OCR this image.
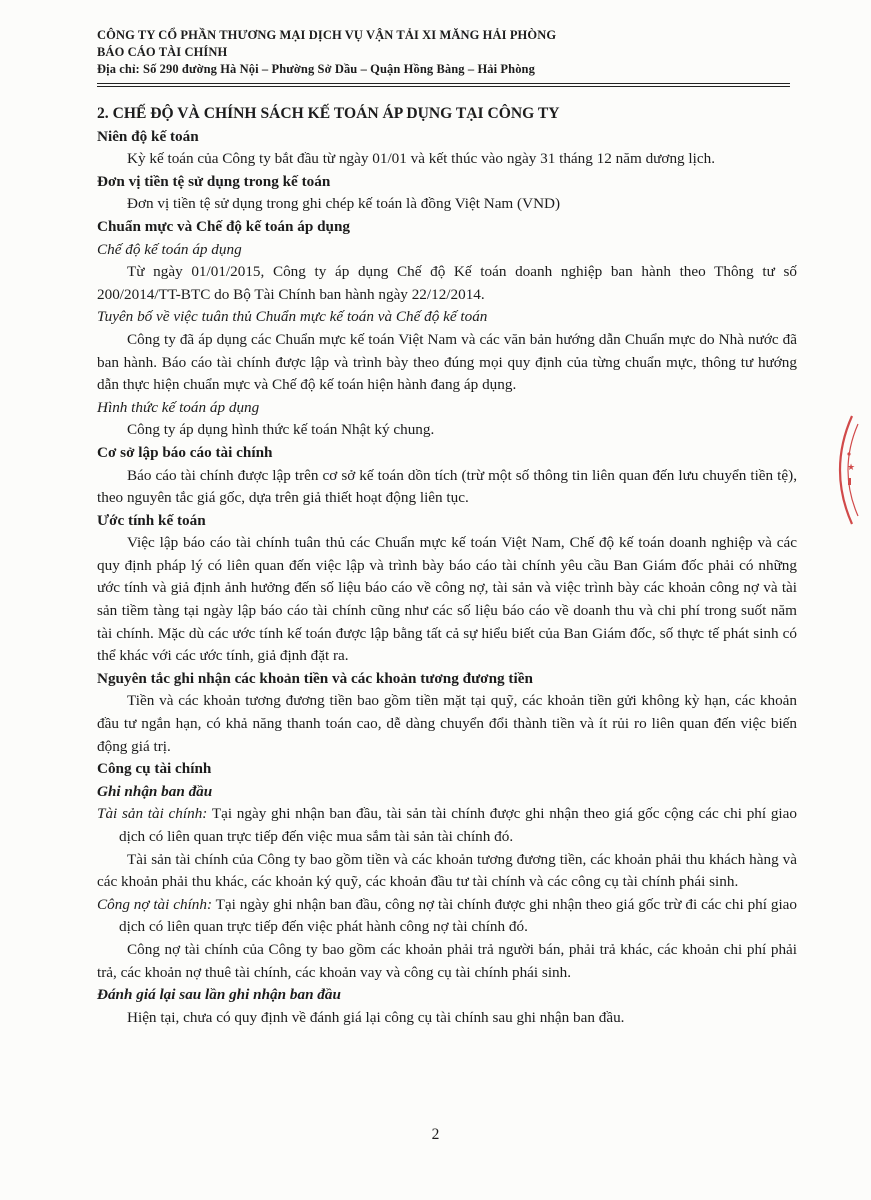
CÔNG TY CỔ PHẦN THƯƠNG MẠI DỊCH VỤ VẬN TẢI XI MĂNG HẢI PHÒNG
BÁO CÁO TÀI CHÍNH
Địa chỉ: Số 290 đường Hà Nội – Phường Sở Dầu – Quận Hồng Bàng – Hải Phòng

2. CHẾ ĐỘ VÀ CHÍNH SÁCH KẾ TOÁN ÁP DỤNG TẠI CÔNG TY

Niên độ kế toán

Kỳ kế toán của Công ty bắt đầu từ ngày 01/01 và kết thúc vào ngày 31 tháng 12 năm dương lịch.

Đơn vị tiền tệ sử dụng trong kế toán

Đơn vị tiền tệ sử dụng trong ghi chép kế toán là đồng Việt Nam (VND)

Chuẩn mực và Chế độ kế toán áp dụng

Chế độ kế toán áp dụng

Từ ngày 01/01/2015, Công ty áp dụng Chế độ Kế toán doanh nghiệp ban hành theo Thông tư số 200/2014/TT-BTC do Bộ Tài Chính ban hành ngày 22/12/2014.

Tuyên bố về việc tuân thủ Chuẩn mực kế toán và Chế độ kế toán

Công ty đã áp dụng các Chuẩn mực kế toán Việt Nam và các văn bản hướng dẫn Chuẩn mực do Nhà nước đã ban hành. Báo cáo tài chính được lập và trình bày theo đúng mọi quy định của từng chuẩn mực, thông tư hướng dẫn thực hiện chuẩn mực và Chế độ kế toán hiện hành đang áp dụng.

Hình thức kế toán áp dụng

Công ty áp dụng hình thức kế toán Nhật ký chung.

Cơ sở lập báo cáo tài chính

Báo cáo tài chính được lập trên cơ sở kế toán dồn tích (trừ một số thông tin liên quan đến lưu chuyển tiền tệ), theo nguyên tắc giá gốc, dựa trên giả thiết hoạt động liên tục.

Ước tính kế toán

Việc lập báo cáo tài chính tuân thủ các Chuẩn mực kế toán Việt Nam, Chế độ kế toán doanh nghiệp và các quy định pháp lý có liên quan đến việc lập và trình bày báo cáo tài chính yêu cầu Ban Giám đốc phải có những ước tính và giả định ảnh hưởng đến số liệu báo cáo về công nợ, tài sản và việc trình bày các khoản công nợ và tài sản tiềm tàng tại ngày lập báo cáo tài chính cũng như các số liệu báo cáo về doanh thu và chi phí trong suốt năm tài chính. Mặc dù các ước tính kế toán được lập bằng tất cả sự hiểu biết của Ban Giám đốc, số thực tế phát sinh có thể khác với các ước tính, giả định đặt ra.

Nguyên tắc ghi nhận các khoản tiền và các khoản tương đương tiền

Tiền và các khoản tương đương tiền bao gồm tiền mặt tại quỹ, các khoản tiền gửi không kỳ hạn, các khoản đầu tư ngắn hạn, có khả năng thanh toán cao, dễ dàng chuyển đổi thành tiền và ít rủi ro liên quan đến việc biến động giá trị.

Công cụ tài chính

Ghi nhận ban đầu

Tài sản tài chính: Tại ngày ghi nhận ban đầu, tài sản tài chính được ghi nhận theo giá gốc cộng các chi phí giao dịch có liên quan trực tiếp đến việc mua sắm tài sản tài chính đó.

Tài sản tài chính của Công ty bao gồm tiền và các khoản tương đương tiền, các khoản phải thu khách hàng và các khoản phải thu khác, các khoản ký quỹ, các khoản đầu tư tài chính và các công cụ tài chính phái sinh.

Công nợ tài chính: Tại ngày ghi nhận ban đầu, công nợ tài chính được ghi nhận theo giá gốc trừ đi các chi phí giao dịch có liên quan trực tiếp đến việc phát hành công nợ tài chính đó.

Công nợ tài chính của Công ty bao gồm các khoản phải trả người bán, phải trả khác, các khoản chi phí phải trả, các khoản nợ thuê tài chính, các khoản vay và công cụ tài chính phái sinh.

Đánh giá lại sau lần ghi nhận ban đầu

Hiện tại, chưa có quy định về đánh giá lại công cụ tài chính sau ghi nhận ban đầu.

★
2
